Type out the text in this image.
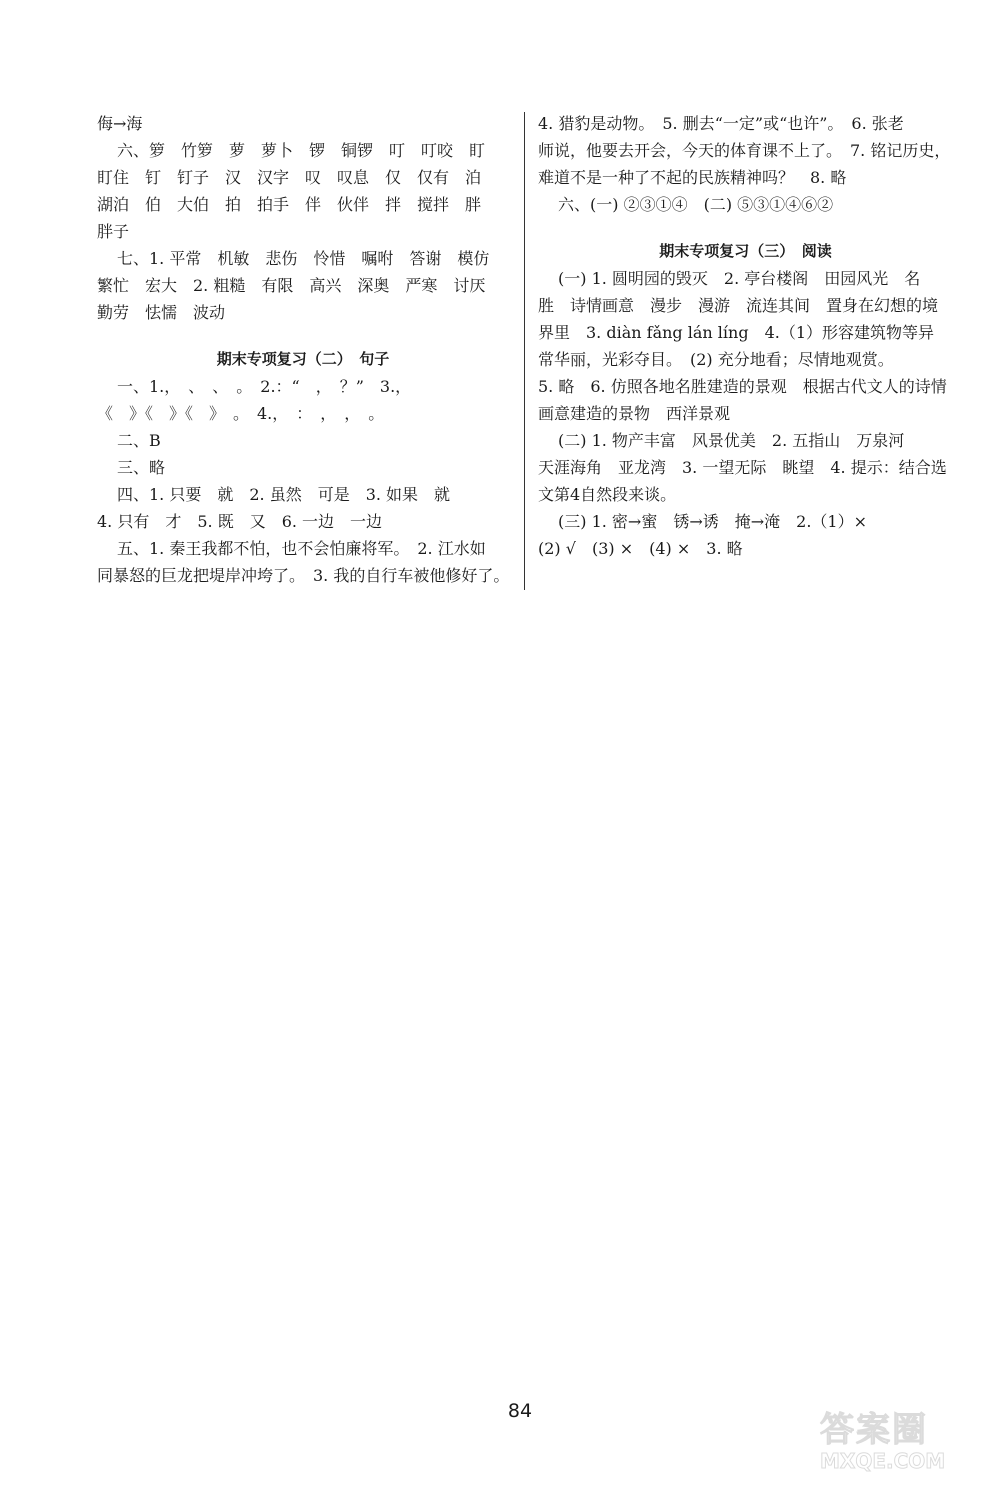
侮→海
六、箩　竹箩　萝　萝卜　锣　铜锣　叮　叮咬　盯
盯住　钉　钉子　汉　汉字　叹　叹息　仅　仅有　泊
湖泊　伯　大伯　拍　拍手　伴　伙伴　拌　搅拌　胖
胖子
七、1. 平常　机敏　悲伤　怜惜　嘱咐　答谢　模仿
繁忙　宏大　2. 粗糙　有限　高兴　深奥　严寒　讨厌
勤劳　怯懦　波动
期末专项复习（二）　句子
一、1.，　、　、　。　2.：“　，　？”　3.，
《　》《　》《　》　。　4.，　：　，　，　。
二、B
三、略
四、1. 只要　就　2. 虽然　可是　3. 如果　就
4. 只有　才　5. 既　又　6. 一边　一边
五、1. 秦王我都不怕，也不会怕廉将军。　2. 江水如
同暴怒的巨龙把堤岸冲垮了。　3. 我的自行车被他修好了。
4. 猎豹是动物。　5. 删去“一定”或“也许”。　6. 张老
师说，他要去开会，今天的体育课不上了。　7. 铭记历史，
难道不是一种了不起的民族精神吗？　8. 略
六、(一) ②③①④　(二) ⑤③①④⑥②
期末专项复习（三）　阅读
(一) 1. 圆明园的毁灭　2. 亭台楼阁　田园风光　名
胜　诗情画意　漫步　漫游　流连其间　置身在幻想的境
界里　3. diàn fǎng lán líng　4.（1）形容建筑物等异
常华丽，光彩夺目。　(2) 充分地看；尽情地观赏。
5. 略　6. 仿照各地名胜建造的景观　根据古代文人的诗情
画意建造的景物　西洋景观
(二) 1. 物产丰富　风景优美　2. 五指山　万泉河
天涯海角　亚龙湾　3. 一望无际　眺望　4. 提示：结合选
文第4自然段来谈。
(三) 1. 密→蜜　锈→诱　掩→淹　2.（1）×
(2) √　(3) ×　(4) ×　3. 略
84	答案圈
MXQE.COM
